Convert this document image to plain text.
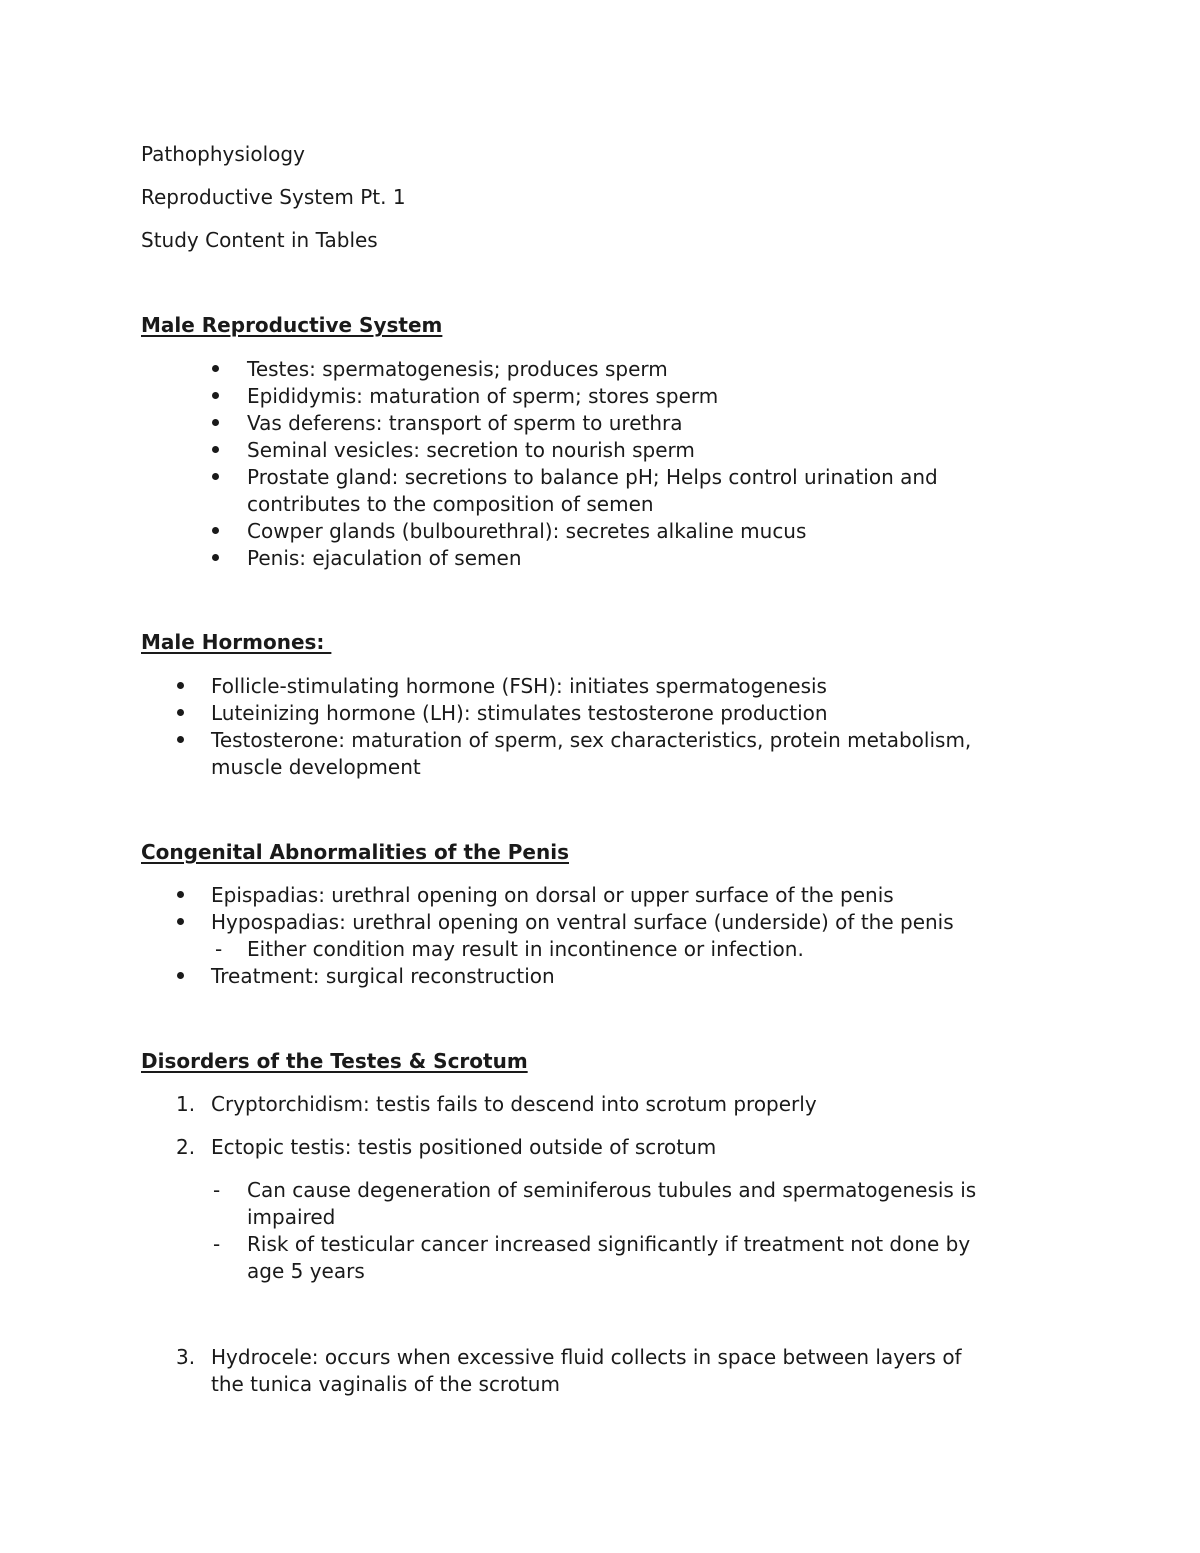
Pathophysiology
Reproductive System Pt. 1
Study Content in Tables
Male Reproductive System
Testes: spermatogenesis; produces sperm
Epididymis: maturation of sperm; stores sperm
Vas deferens: transport of sperm to urethra
Seminal vesicles: secretion to nourish sperm
Prostate gland: secretions to balance pH; Helps control urination and
contributes to the composition of semen
Cowper glands (bulbourethral): secretes alkaline mucus
Penis: ejaculation of semen
Male Hormones:
Follicle-stimulating hormone (FSH): initiates spermatogenesis
Luteinizing hormone (LH): stimulates testosterone production
Testosterone: maturation of sperm, sex characteristics, protein metabolism,
muscle development
Congenital Abnormalities of the Penis
Epispadias: urethral opening on dorsal or upper surface of the penis
Hypospadias: urethral opening on ventral surface (underside) of the penis
- Either condition may result in incontinence or infection.
Treatment: surgical reconstruction
Disorders of the Testes & Scrotum
1. Cryptorchidism: testis fails to descend into scrotum properly
2. Ectopic testis: testis positioned outside of scrotum
- Can cause degeneration of seminiferous tubules and spermatogenesis is
impaired
- Risk of testicular cancer increased significantly if treatment not done by
age 5 years
3. Hydrocele: occurs when excessive fluid collects in space between layers of
the tunica vaginalis of the scrotum
